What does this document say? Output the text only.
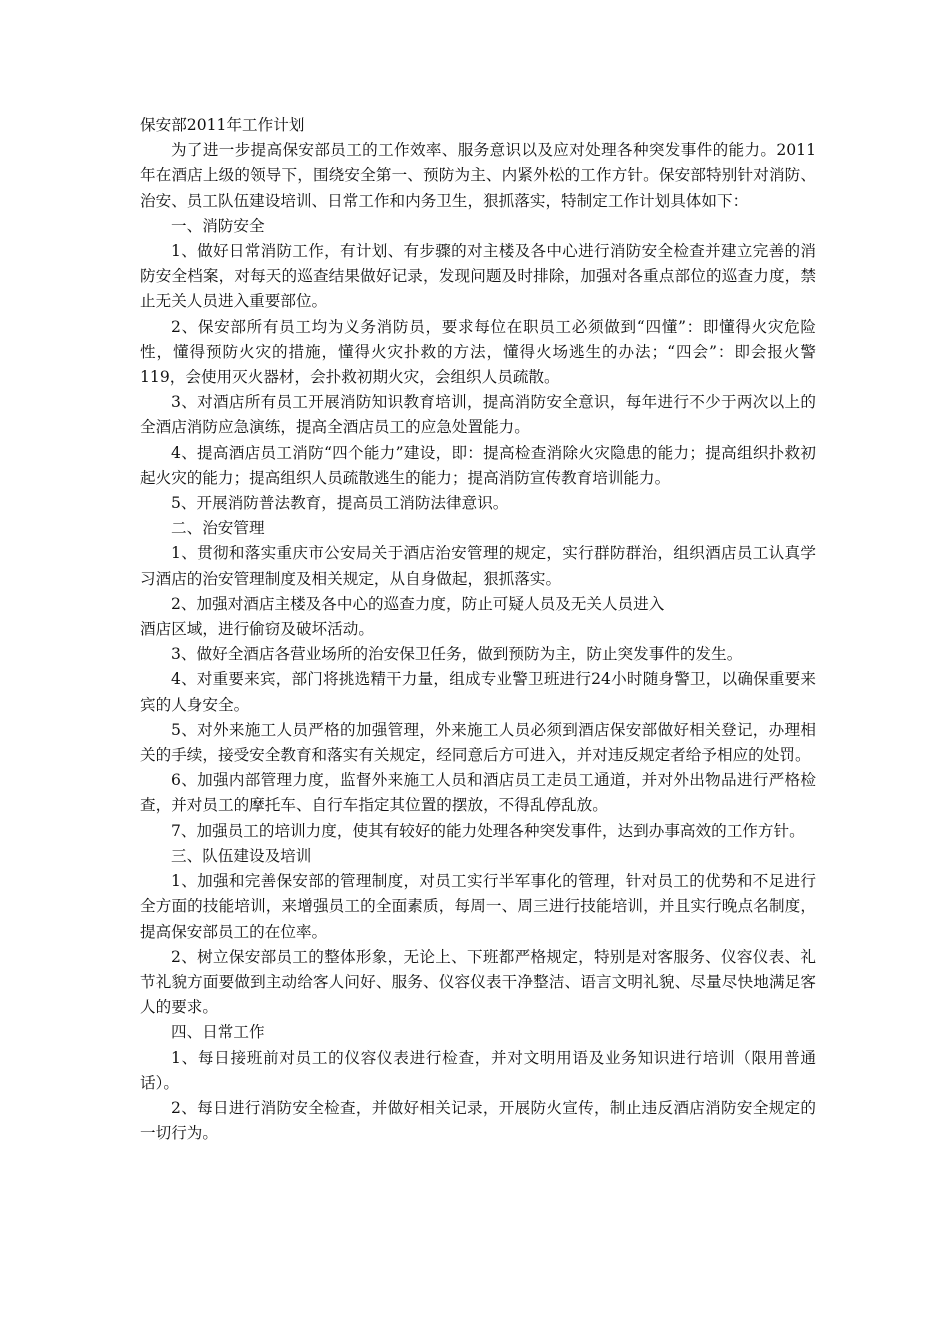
保安部2011年工作计划

为了进一步提高保安部员工的工作效率、服务意识以及应对处理各种突发事件的能力。2011年在酒店上级的领导下，围绕安全第一、预防为主、内紧外松的工作方针。保安部特别针对消防、治安、员工队伍建设培训、日常工作和内务卫生，狠抓落实，特制定工作计划具体如下：

一、消防安全

1、做好日常消防工作，有计划、有步骤的对主楼及各中心进行消防安全检查并建立完善的消防安全档案，对每天的巡查结果做好记录，发现问题及时排除，加强对各重点部位的巡查力度，禁止无关人员进入重要部位。

2、保安部所有员工均为义务消防员，要求每位在职员工必须做到“四懂”：即懂得火灾危险性，懂得预防火灾的措施，懂得火灾扑救的方法，懂得火场逃生的办法；“四会”：即会报火警119，会使用灭火器材，会扑救初期火灾，会组织人员疏散。

3、对酒店所有员工开展消防知识教育培训，提高消防安全意识，每年进行不少于两次以上的全酒店消防应急演练，提高全酒店员工的应急处置能力。

4、提高酒店员工消防“四个能力”建设，即：提高检查消除火灾隐患的能力；提高组织扑救初起火灾的能力；提高组织人员疏散逃生的能力；提高消防宣传教育培训能力。

5、开展消防普法教育，提高员工消防法律意识。

二、治安管理

1、贯彻和落实重庆市公安局关于酒店治安管理的规定，实行群防群治，组织酒店员工认真学习酒店的治安管理制度及相关规定，从自身做起，狠抓落实。

2、加强对酒店主楼及各中心的巡查力度，防止可疑人员及无关人员进入

酒店区域，进行偷窃及破坏活动。

3、做好全酒店各营业场所的治安保卫任务，做到预防为主，防止突发事件的发生。

4、对重要来宾，部门将挑选精干力量，组成专业警卫班进行24小时随身警卫，以确保重要来宾的人身安全。

5、对外来施工人员严格的加强管理，外来施工人员必须到酒店保安部做好相关登记，办理相关的手续，接受安全教育和落实有关规定，经同意后方可进入，并对违反规定者给予相应的处罚。

6、加强内部管理力度，监督外来施工人员和酒店员工走员工通道，并对外出物品进行严格检查，并对员工的摩托车、自行车指定其位置的摆放，不得乱停乱放。

7、加强员工的培训力度，使其有较好的能力处理各种突发事件，达到办事高效的工作方针。

三、队伍建设及培训

1、加强和完善保安部的管理制度，对员工实行半军事化的管理，针对员工的优势和不足进行全方面的技能培训，来增强员工的全面素质，每周一、周三进行技能培训，并且实行晚点名制度，提高保安部员工的在位率。

2、树立保安部员工的整体形象，无论上、下班都严格规定，特别是对客服务、仪容仪表、礼节礼貌方面要做到主动给客人问好、服务、仪容仪表干净整洁、语言文明礼貌、尽量尽快地满足客人的要求。

四、日常工作

1、每日接班前对员工的仪容仪表进行检查，并对文明用语及业务知识进行培训（限用普通话）。

2、每日进行消防安全检查，并做好相关记录，开展防火宣传，制止违反酒店消防安全规定的一切行为。
